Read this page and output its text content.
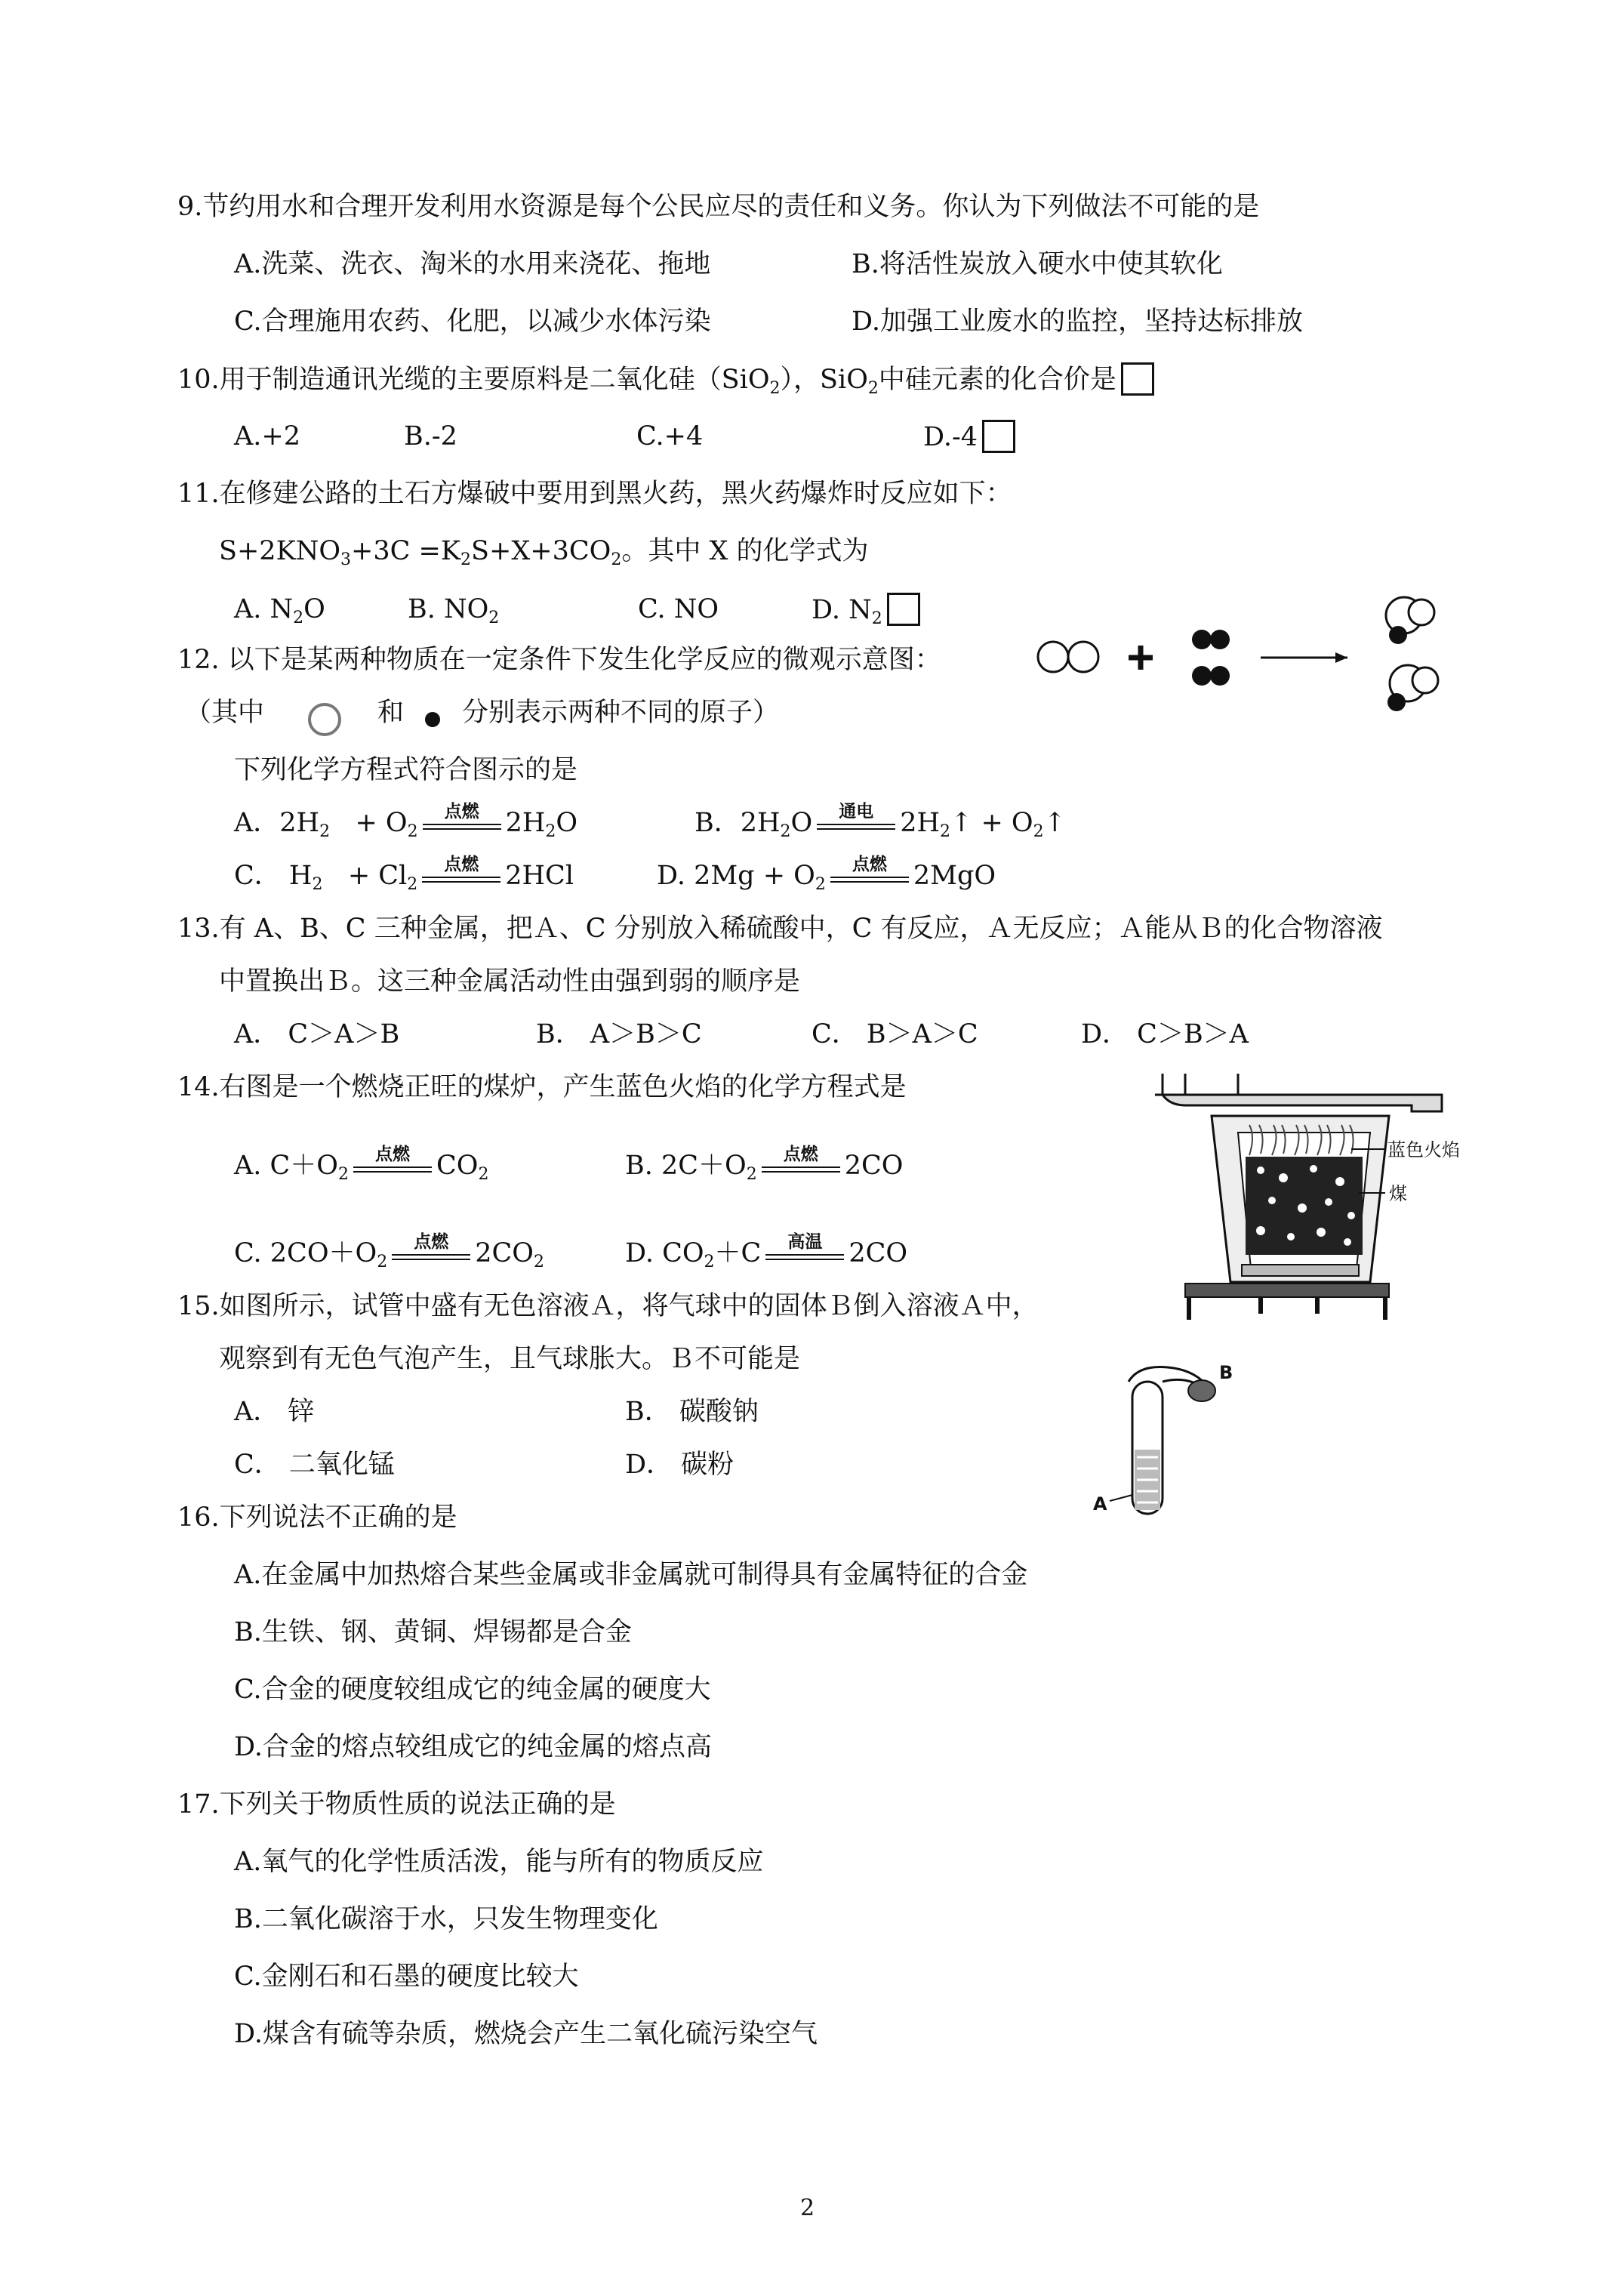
9.节约用水和合理开发利用水资源是每个公民应尽的责任和义务。你认为下列做法不可能的是
A.洗菜、洗衣、淘米的水用来浇花、拖地	B.将活性炭放入硬水中使其软化
C.合理施用农药、化肥，以减少水体污染	D.加强工业废水的监控，坚持达标排放
10.用于制造通讯光缆的主要原料是二氧化硅（SiO$_2$），SiO$_2$中硅元素的化合价是
A.+2	B.-2	C.+4	D.-4
11.在修建公路的土石方爆破中要用到黑火药，黑火药爆炸时反应如下：
$S+2KNO_3+3C =K_2S+X+3CO_2$。其中 X 的化学式为
A. $N_2O$	B. $NO_2$	C. NO	D. $N_2$
12. 以下是某两种物质在一定条件下发生化学反应的微观示意图：
（其中	和 分别表示两种不同的原子）
下列化学方程式符合图示的是
A．$2H_2 + O_2$
点燃	$2H_2O$	B．$2H_2O$	通电	$2H_2↑$ + $O_2↑$
C． $H_2 + Cl_2$
点燃	2HCl	D. $2Mg + O_2$
点燃	2MgO
13.有 A、B、C 三种金属，把Ａ、C 分别放入稀硫酸中，C 有反应，Ａ无反应；Ａ能从Ｂ的化合物溶液
中置换出Ｂ。这三种金属活动性由强到弱的顺序是
A． C＞A＞B	B． A＞B＞C	C． B＞A＞C	D． C＞B＞A
14.右图是一个燃烧正旺的煤炉，产生蓝色火焰的化学方程式是
A. $C+O_2$
点燃	$CO_2$	B. $2C+O_2$
点燃	2CO
C. $2CO+O_2$
点燃	$2CO_2$	D. $CO_2+C$	高温	2CO
蓝色火焰
煤
15.如图所示，试管中盛有无色溶液Ａ，将气球中的固体Ｂ倒入溶液Ａ中，
观察到有无色气泡产生，且气球胀大。Ｂ不可能是
A． 锌	B． 碳酸钠
C． 二氧化锰	D． 碳粉
B
A
16.下列说法不正确的是
A.在金属中加热熔合某些金属或非金属就可制得具有金属特征的合金
B.生铁、钢、黄铜、焊锡都是合金
C.合金的硬度较组成它的纯金属的硬度大
D.合金的熔点较组成它的纯金属的熔点高
17.下列关于物质性质的说法正确的是
A.氧气的化学性质活泼，能与所有的物质反应
B.二氧化碳溶于水，只发生物理变化
C.金刚石和石墨的硬度比较大
D.煤含有硫等杂质，燃烧会产生二氧化硫污染空气
2
